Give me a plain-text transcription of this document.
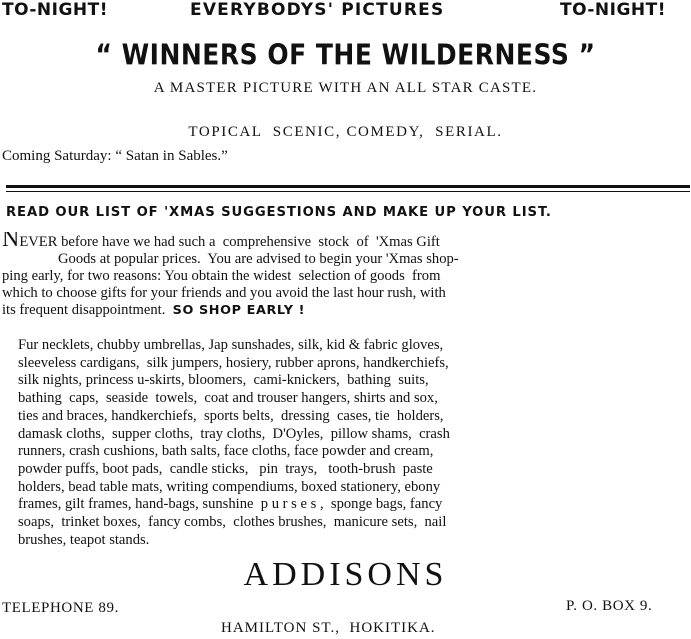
TO-NIGHT!	EVERYBODYS' PICTURES	TO-NIGHT!
“ WINNERS OF THE WILDERNESS ”
A MASTER PICTURE WITH AN ALL STAR CASTE.
TOPICAL  SCENIC, COMEDY,  SERIAL.
Coming Saturday: “ Satan in Sables.”
READ OUR LIST OF 'XMAS SUGGESTIONS AND MAKE UP YOUR LIST.
NEVER before have we had such a  comprehensive  stock  of  'Xmas Gift
Goods at popular prices.  You are advised to begin your 'Xmas shop-
ping early, for two reasons: You obtain the widest  selection of goods  from
which to choose gifts for your friends and you avoid the last hour rush, with
its frequent disappointment. SO SHOP EARLY !
Fur necklets, chubby umbrellas, Jap sunshades, silk, kid & fabric gloves,
sleeveless cardigans,  silk jumpers, hosiery, rubber aprons, handkerchiefs,
silk nights, princess u-skirts, bloomers,  cami-knickers,  bathing  suits,
bathing  caps,  seaside  towels,  coat and trouser hangers, shirts and sox,
ties and braces, handkerchiefs,  sports belts,  dressing  cases, tie  holders,
damask cloths,  supper cloths,  tray cloths,  D'Oyles,  pillow shams,  crash
runners, crash cushions, bath salts, face cloths, face powder and cream,
powder puffs, boot pads,  candle sticks,   pin  trays,   tooth-brush  paste
holders, bead table mats, writing compendiums, boxed stationery, ebony
frames, gilt frames, hand-bags, sunshine  p u r s e s ,  sponge bags, fancy
soaps,  trinket boxes,  fancy combs,  clothes brushes,  manicure sets,  nail
brushes, teapot stands.
ADDISONS
TELEPHONE 89.	P. O. BOX 9.
HAMILTON ST.,  HOKITIKA.
